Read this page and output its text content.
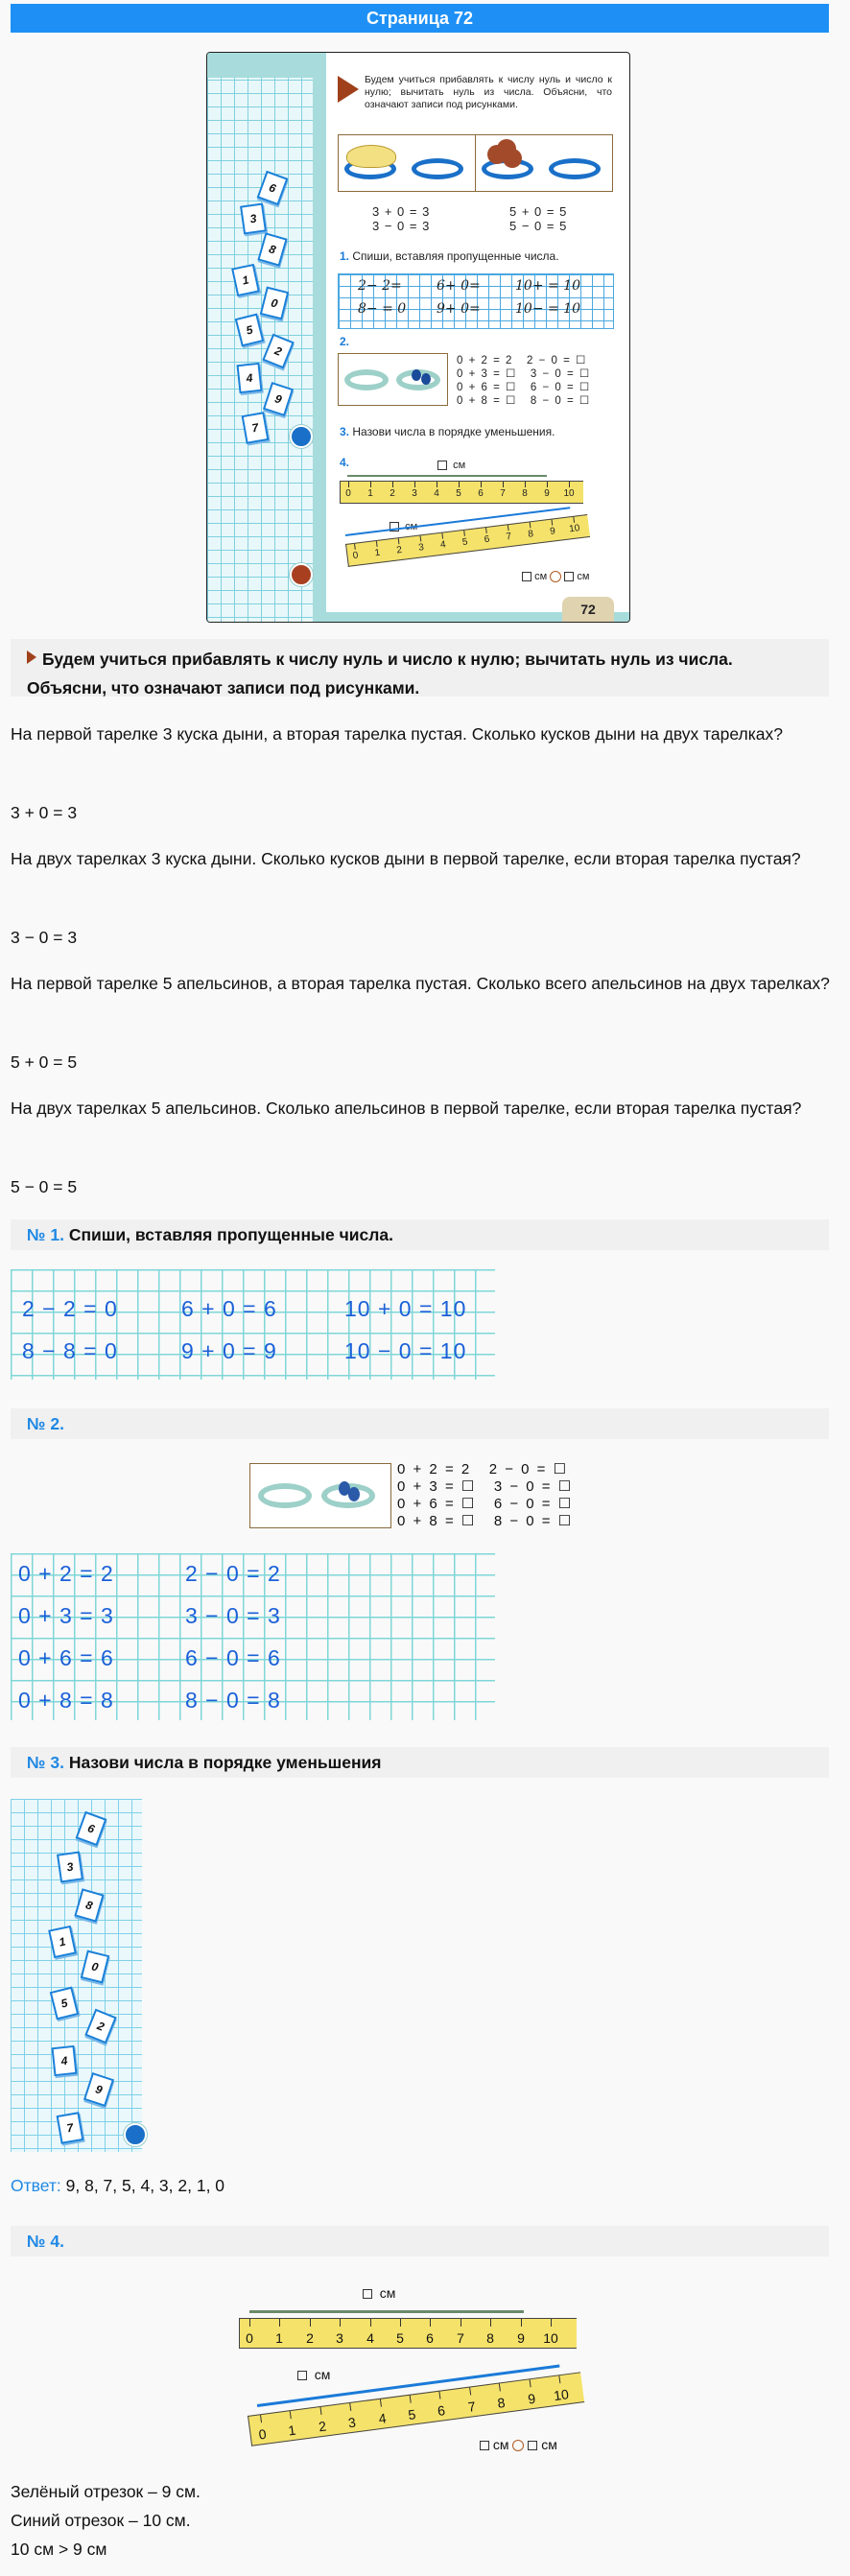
Страница 72
6
3
8
1
0
5
2
4
9
7
Будем учиться прибавлять к числу нуль и число к нулю; вычитать нуль из числа. Объясни, что означают записи под рисунками.
3 + 0 = 3
3 − 0 = 3
5 + 0 = 5
5 − 0 = 5
1. Спиши, вставляя пропущенные числа.
2− 2=	6+ 0=	10+ = 10
8− = 0 9+ 0=	10− = 10
2.
0 + 2 = 2 2 − 0 = ☐
0 + 3 = ☐ 3 − 0 = ☐
0 + 6 = ☐ 6 − 0 = ☐
0 + 8 = ☐ 8 − 0 = ☐
3. Назови числа в порядке уменьшения.
4.	см
0 1 2 3 4 5 6 7 8 9 10

0 1 2 3 4 5 6 7 8 9 10
см	см
72
Будем учиться прибавлять к числу нуль и число к нулю; вычитать нуль из числа. Объясни, что означают записи под рисунками.
На первой тарелке 3 куска дыни, а вторая тарелка пустая. Сколько кусков дыни на двух тарелках?
3 + 0 = 3
На двух тарелках 3 куска дыни. Сколько кусков дыни в первой тарелке, если вторая тарелка пустая?
3 − 0 = 3
На первой тарелке 5 апельсинов, а вторая тарелка пустая. Сколько всего апельсинов на двух тарелках?
5 + 0 = 5
На двух тарелках 5 апельсинов. Сколько апельсинов в первой тарелке, если вторая тарелка пустая?
5 − 0 = 5
№ 1. Спиши, вставляя пропущенные числа.
2 − 2 = 0	6 + 0 = 6	10 + 0 = 10
8 − 8 = 0	9 + 0 = 9	10 − 0 = 10
№ 2.
0 + 2 = 2 2 − 0 = ☐
0 + 3 = ☐ 3 − 0 = ☐
0 + 6 = ☐ 6 − 0 = ☐
0 + 8 = ☐ 8 − 0 = ☐
0 + 2 = 2	2 − 0 = 2
0 + 3 = 3	3 − 0 = 3
0 + 6 = 6	6 − 0 = 6
0 + 8 = 8	8 − 0 = 8
№ 3. Назови числа в порядке уменьшения
6
3
8
1
0
5
2
4
9
7
Ответ: 9, 8, 7, 5, 4, 3, 2, 1, 0
№ 4.
см
0 1 2 3 4 5 6 7 8 9 10
см
0 1 2 3 4 5 6 7 8 9 10
см см
Зелёный отрезок – 9 см.
Синий отрезок – 10 см.
10 см > 9 см
